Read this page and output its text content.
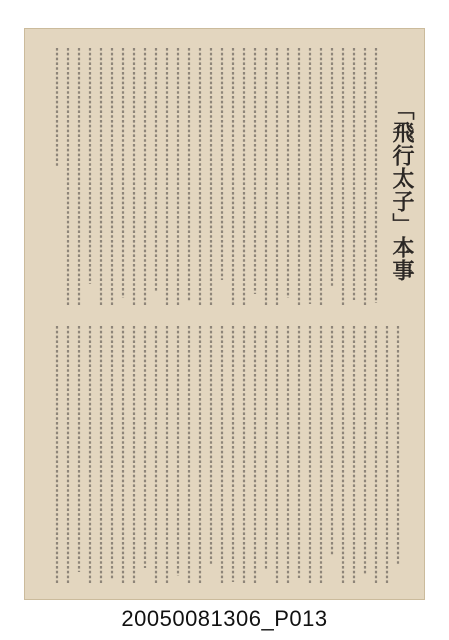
「飛行太子」本事
20050081306_P013
